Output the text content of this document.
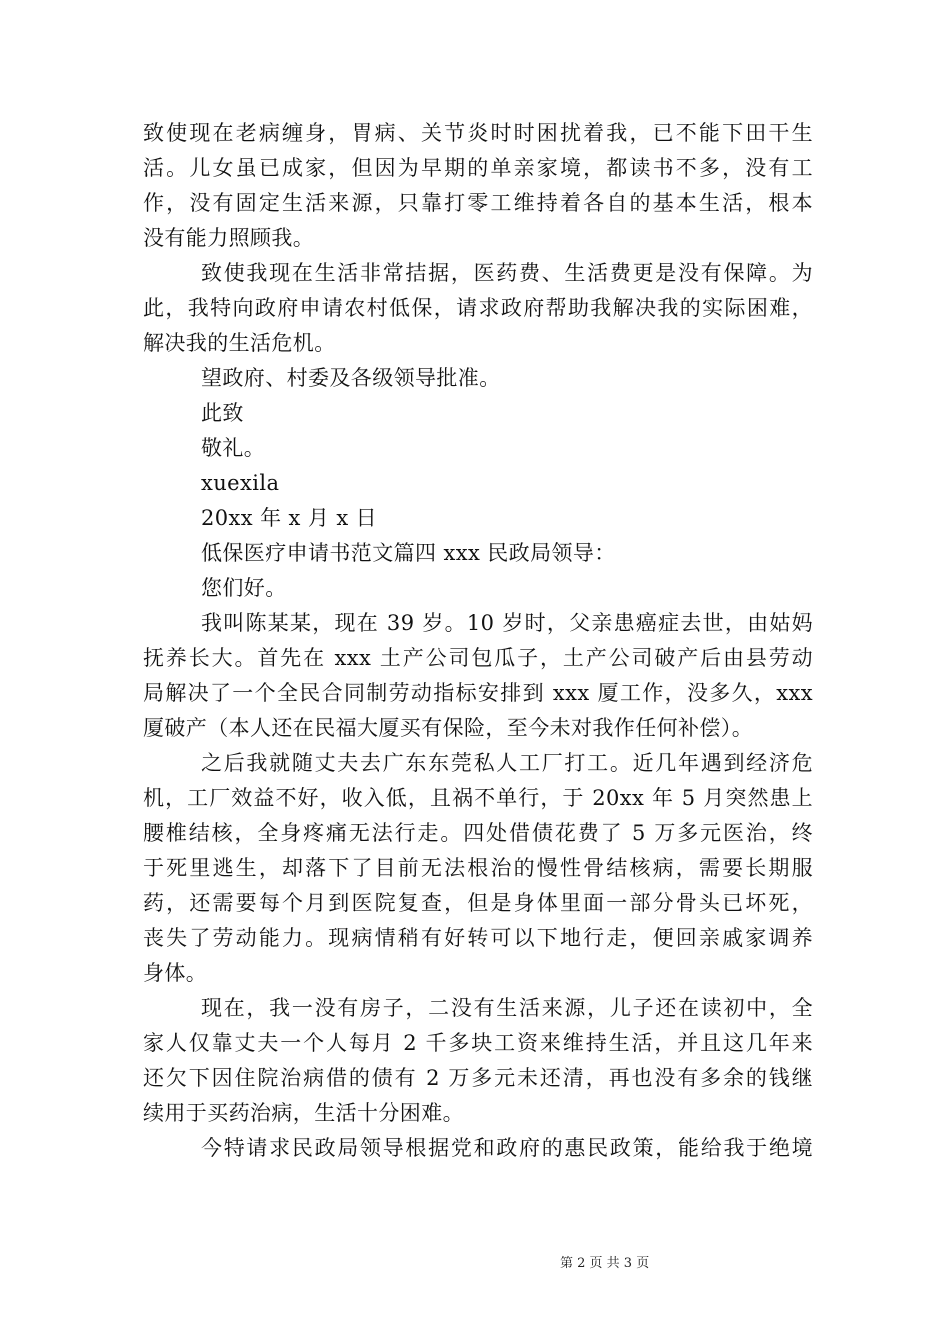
致使现在老病缠身，胃病、关节炎时时困扰着我，已不能下田干生
活。儿女虽已成家，但因为早期的单亲家境，都读书不多，没有工
作，没有固定生活来源，只靠打零工维持着各自的基本生活，根本
没有能力照顾我。
致使我现在生活非常拮据，医药费、生活费更是没有保障。为
此，我特向政府申请农村低保，请求政府帮助我解决我的实际困难，
解决我的生活危机。
望政府、村委及各级领导批准。
此致
敬礼。
xuexila
20xx 年 x 月 x 日
低保医疗申请书范文篇四 xxx 民政局领导：
您们好。
我叫陈某某，现在 39 岁。10 岁时，父亲患癌症去世，由姑妈
抚养长大。首先在 xxx 土产公司包瓜子，土产公司破产后由县劳动
局解决了一个全民合同制劳动指标安排到 xxx 厦工作，没多久，xxx
厦破产（本人还在民福大厦买有保险，至今未对我作任何补偿）。
之后我就随丈夫去广东东莞私人工厂打工。近几年遇到经济危
机，工厂效益不好，收入低，且祸不单行，于 20xx 年 5 月突然患上
腰椎结核，全身疼痛无法行走。四处借债花费了 5 万多元医治，终
于死里逃生，却落下了目前无法根治的慢性骨结核病，需要长期服
药，还需要每个月到医院复查，但是身体里面一部分骨头已坏死，
丧失了劳动能力。现病情稍有好转可以下地行走，便回亲戚家调养
身体。
现在，我一没有房子，二没有生活来源，儿子还在读初中，全
家人仅靠丈夫一个人每月 2 千多块工资来维持生活，并且这几年来
还欠下因住院治病借的债有 2 万多元未还清，再也没有多余的钱继
续用于买药治病，生活十分困难。
今特请求民政局领导根据党和政府的惠民政策，能给我于绝境
第 2 页 共 3 页
